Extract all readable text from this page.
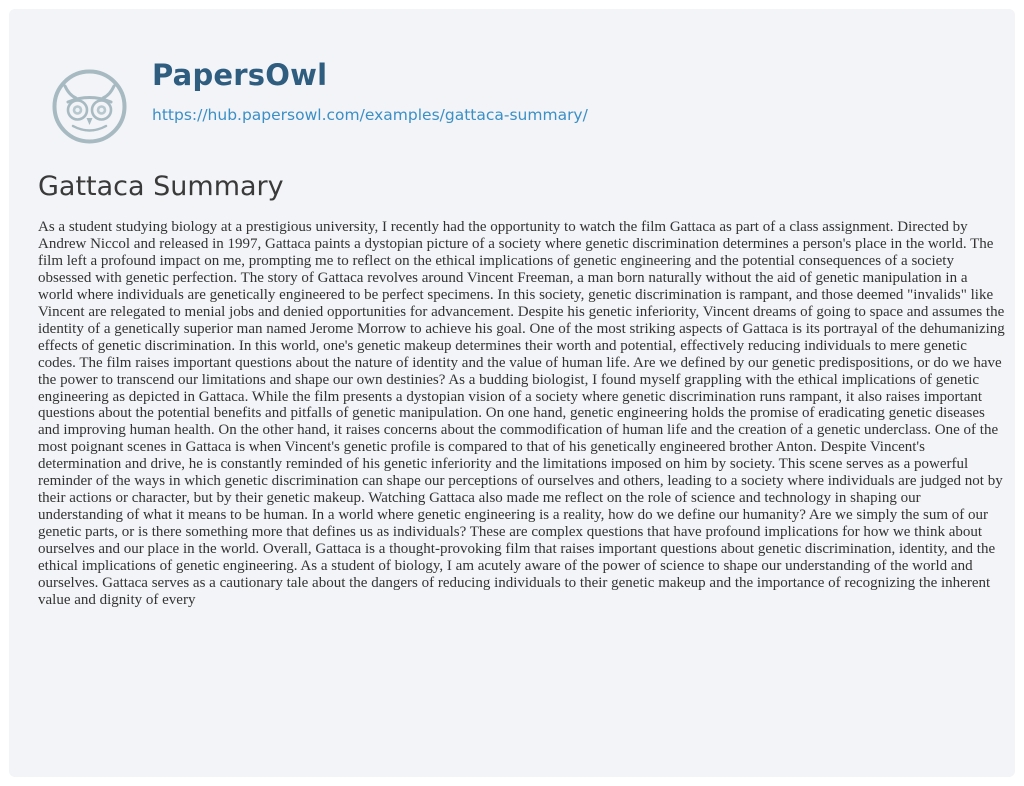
PapersOwl
https://hub.papersowl.com/examples/gattaca-summary/
Gattaca Summary

As a student studying biology at a prestigious university, I recently had the opportunity to watch the film Gattaca as part of a class assignment. Directed by Andrew Niccol and released in 1997, Gattaca paints a dystopian picture of a society where genetic discrimination determines a person's place in the world. The film left a profound impact on me, prompting me to reflect on the ethical implications of genetic engineering and the potential consequences of a society obsessed with genetic perfection. The story of Gattaca revolves around Vincent Freeman, a man born naturally without the aid of genetic manipulation in a world where individuals are genetically engineered to be perfect specimens. In this society, genetic discrimination is rampant, and those deemed "invalids" like Vincent are relegated to menial jobs and denied opportunities for advancement. Despite his genetic inferiority, Vincent dreams of going to space and assumes the identity of a genetically superior man named Jerome Morrow to achieve his goal. One of the most striking aspects of Gattaca is its portrayal of the dehumanizing effects of genetic discrimination. In this world, one's genetic makeup determines their worth and potential, effectively reducing individuals to mere genetic codes. The film raises important questions about the nature of identity and the value of human life. Are we defined by our genetic predispositions, or do we have the power to transcend our limitations and shape our own destinies? As a budding biologist, I found myself grappling with the ethical implications of genetic engineering as depicted in Gattaca. While the film presents a dystopian vision of a society where genetic discrimination runs rampant, it also raises important questions about the potential benefits and pitfalls of genetic manipulation. On one hand, genetic engineering holds the promise of eradicating genetic diseases and improving human health. On the other hand, it raises concerns about the commodification of human life and the creation of a genetic underclass. One of the most poignant scenes in Gattaca is when Vincent's genetic profile is compared to that of his genetically engineered brother Anton. Despite Vincent's determination and drive, he is constantly reminded of his genetic inferiority and the limitations imposed on him by society. This scene serves as a powerful reminder of the ways in which genetic discrimination can shape our perceptions of ourselves and others, leading to a society where individuals are judged not by their actions or character, but by their genetic makeup. Watching Gattaca also made me reflect on the role of science and technology in shaping our understanding of what it means to be human. In a world where genetic engineering is a reality, how do we define our humanity? Are we simply the sum of our genetic parts, or is there something more that defines us as individuals? These are complex questions that have profound implications for how we think about ourselves and our place in the world. Overall, Gattaca is a thought-provoking film that raises important questions about genetic discrimination, identity, and the ethical implications of genetic engineering. As a student of biology, I am acutely aware of the power of science to shape our understanding of the world and ourselves. Gattaca serves as a cautionary tale about the dangers of reducing individuals to their genetic makeup and the importance of recognizing the inherent value and dignity of every
